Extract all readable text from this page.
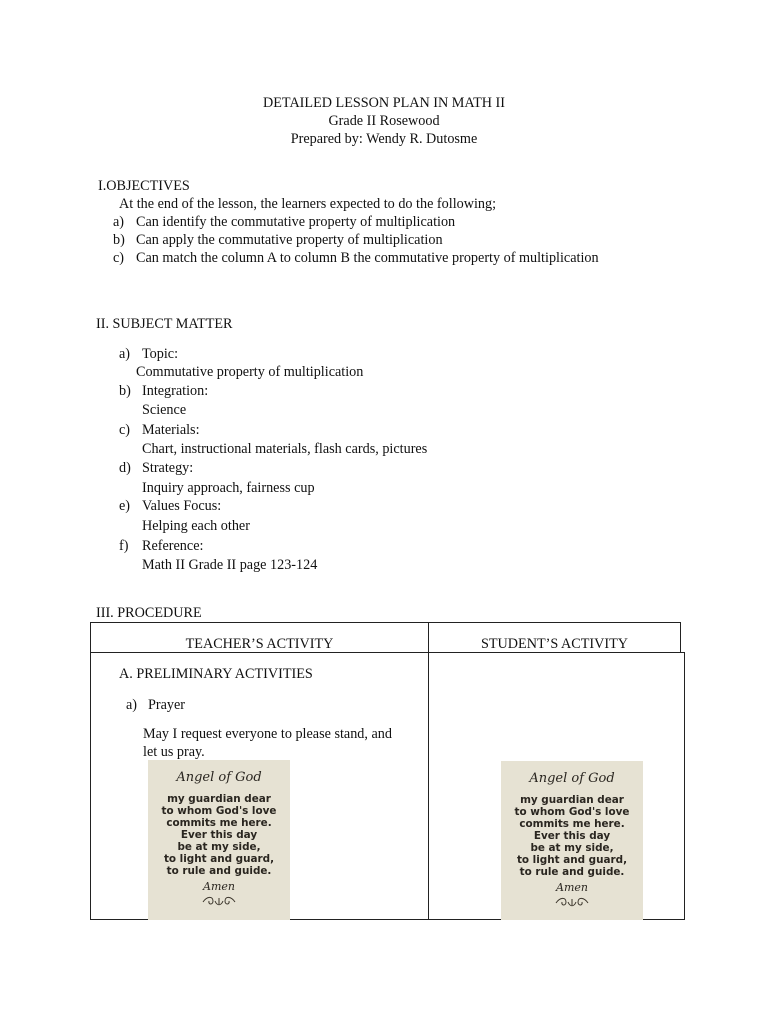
DETAILED LESSON PLAN IN MATH II
Grade II Rosewood
Prepared by: Wendy R. Dutosme
I.OBJECTIVES
At the end of the lesson, the learners expected to do the following;
a) Can identify the commutative property of multiplication
b) Can apply the commutative property of multiplication
c) Can match the column A to column B the commutative property of multiplication
II. SUBJECT MATTER
a) Topic:
Commutative property of multiplication
b) Integration:
Science
c) Materials:
Chart, instructional materials, flash cards, pictures
d) Strategy:
Inquiry approach, fairness cup
e) Values Focus:
Helping each other
f) Reference:
Math II Grade II page 123-124
III. PROCEDURE
TEACHER’S ACTIVITY	STUDENT’S ACTIVITY
A. PRELIMINARY ACTIVITIES
a) Prayer
May I request everyone to please stand, and
let us pray.
Angel of God
my guardian dear
to whom God's love
commits me here.
Ever this day
be at my side,
to light and guard,
to rule and guide.
Amen
Angel of God
my guardian dear
to whom God's love
commits me here.
Ever this day
be at my side,
to light and guard,
to rule and guide.
Amen
